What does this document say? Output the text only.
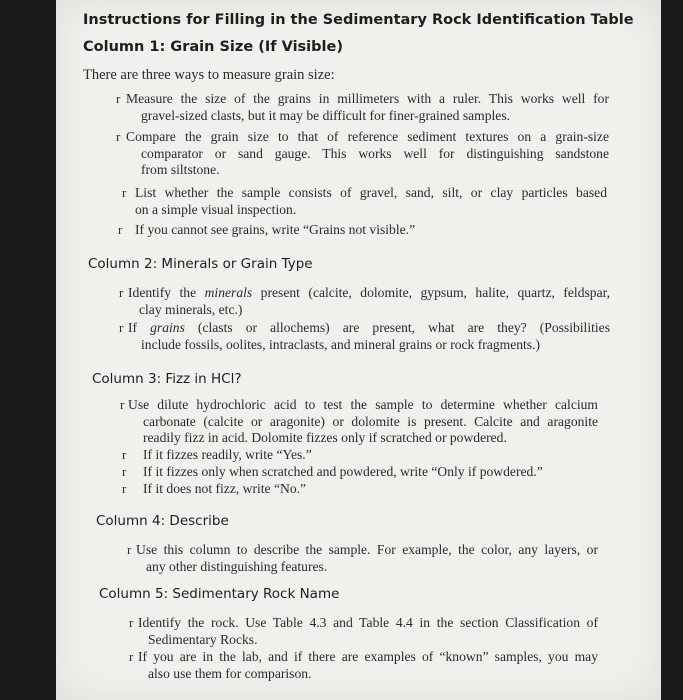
Instructions for Filling in the Sedimentary Rock Identification Table
Column 1: Grain Size (If Visible)
There are three ways to measure grain size:
r Measure the size of the grains in millimeters with a ruler. This works well for
gravel-sized clasts, but it may be difficult for finer-grained samples.
r Compare the grain size to that of reference sediment textures on a grain-size
comparator or sand gauge. This works well for distinguishing sandstone
from siltstone.
r List whether the sample consists of gravel, sand, silt, or clay particles based
on a simple visual inspection.
r If you cannot see grains, write “Grains not visible.”
Column 2: Minerals or Grain Type
r Identify the minerals present (calcite, dolomite, gypsum, halite, quartz, feldspar,
clay minerals, etc.)
r If grains (clasts or allochems) are present, what are they? (Possibilities
include fossils, oolites, intraclasts, and mineral grains or rock fragments.)
Column 3: Fizz in HCl?
r Use dilute hydrochloric acid to test the sample to determine whether calcium
carbonate (calcite or aragonite) or dolomite is present. Calcite and aragonite
readily fizz in acid. Dolomite fizzes only if scratched or powdered.
r If it fizzes readily, write “Yes.”
r If it fizzes only when scratched and powdered, write “Only if powdered.”
r If it does not fizz, write “No.”
Column 4: Describe
r Use this column to describe the sample. For example, the color, any layers, or
any other distinguishing features.
Column 5: Sedimentary Rock Name
r Identify the rock. Use Table 4.3 and Table 4.4 in the section Classification of
Sedimentary Rocks.
r If you are in the lab, and if there are examples of “known” samples, you may
also use them for comparison.
